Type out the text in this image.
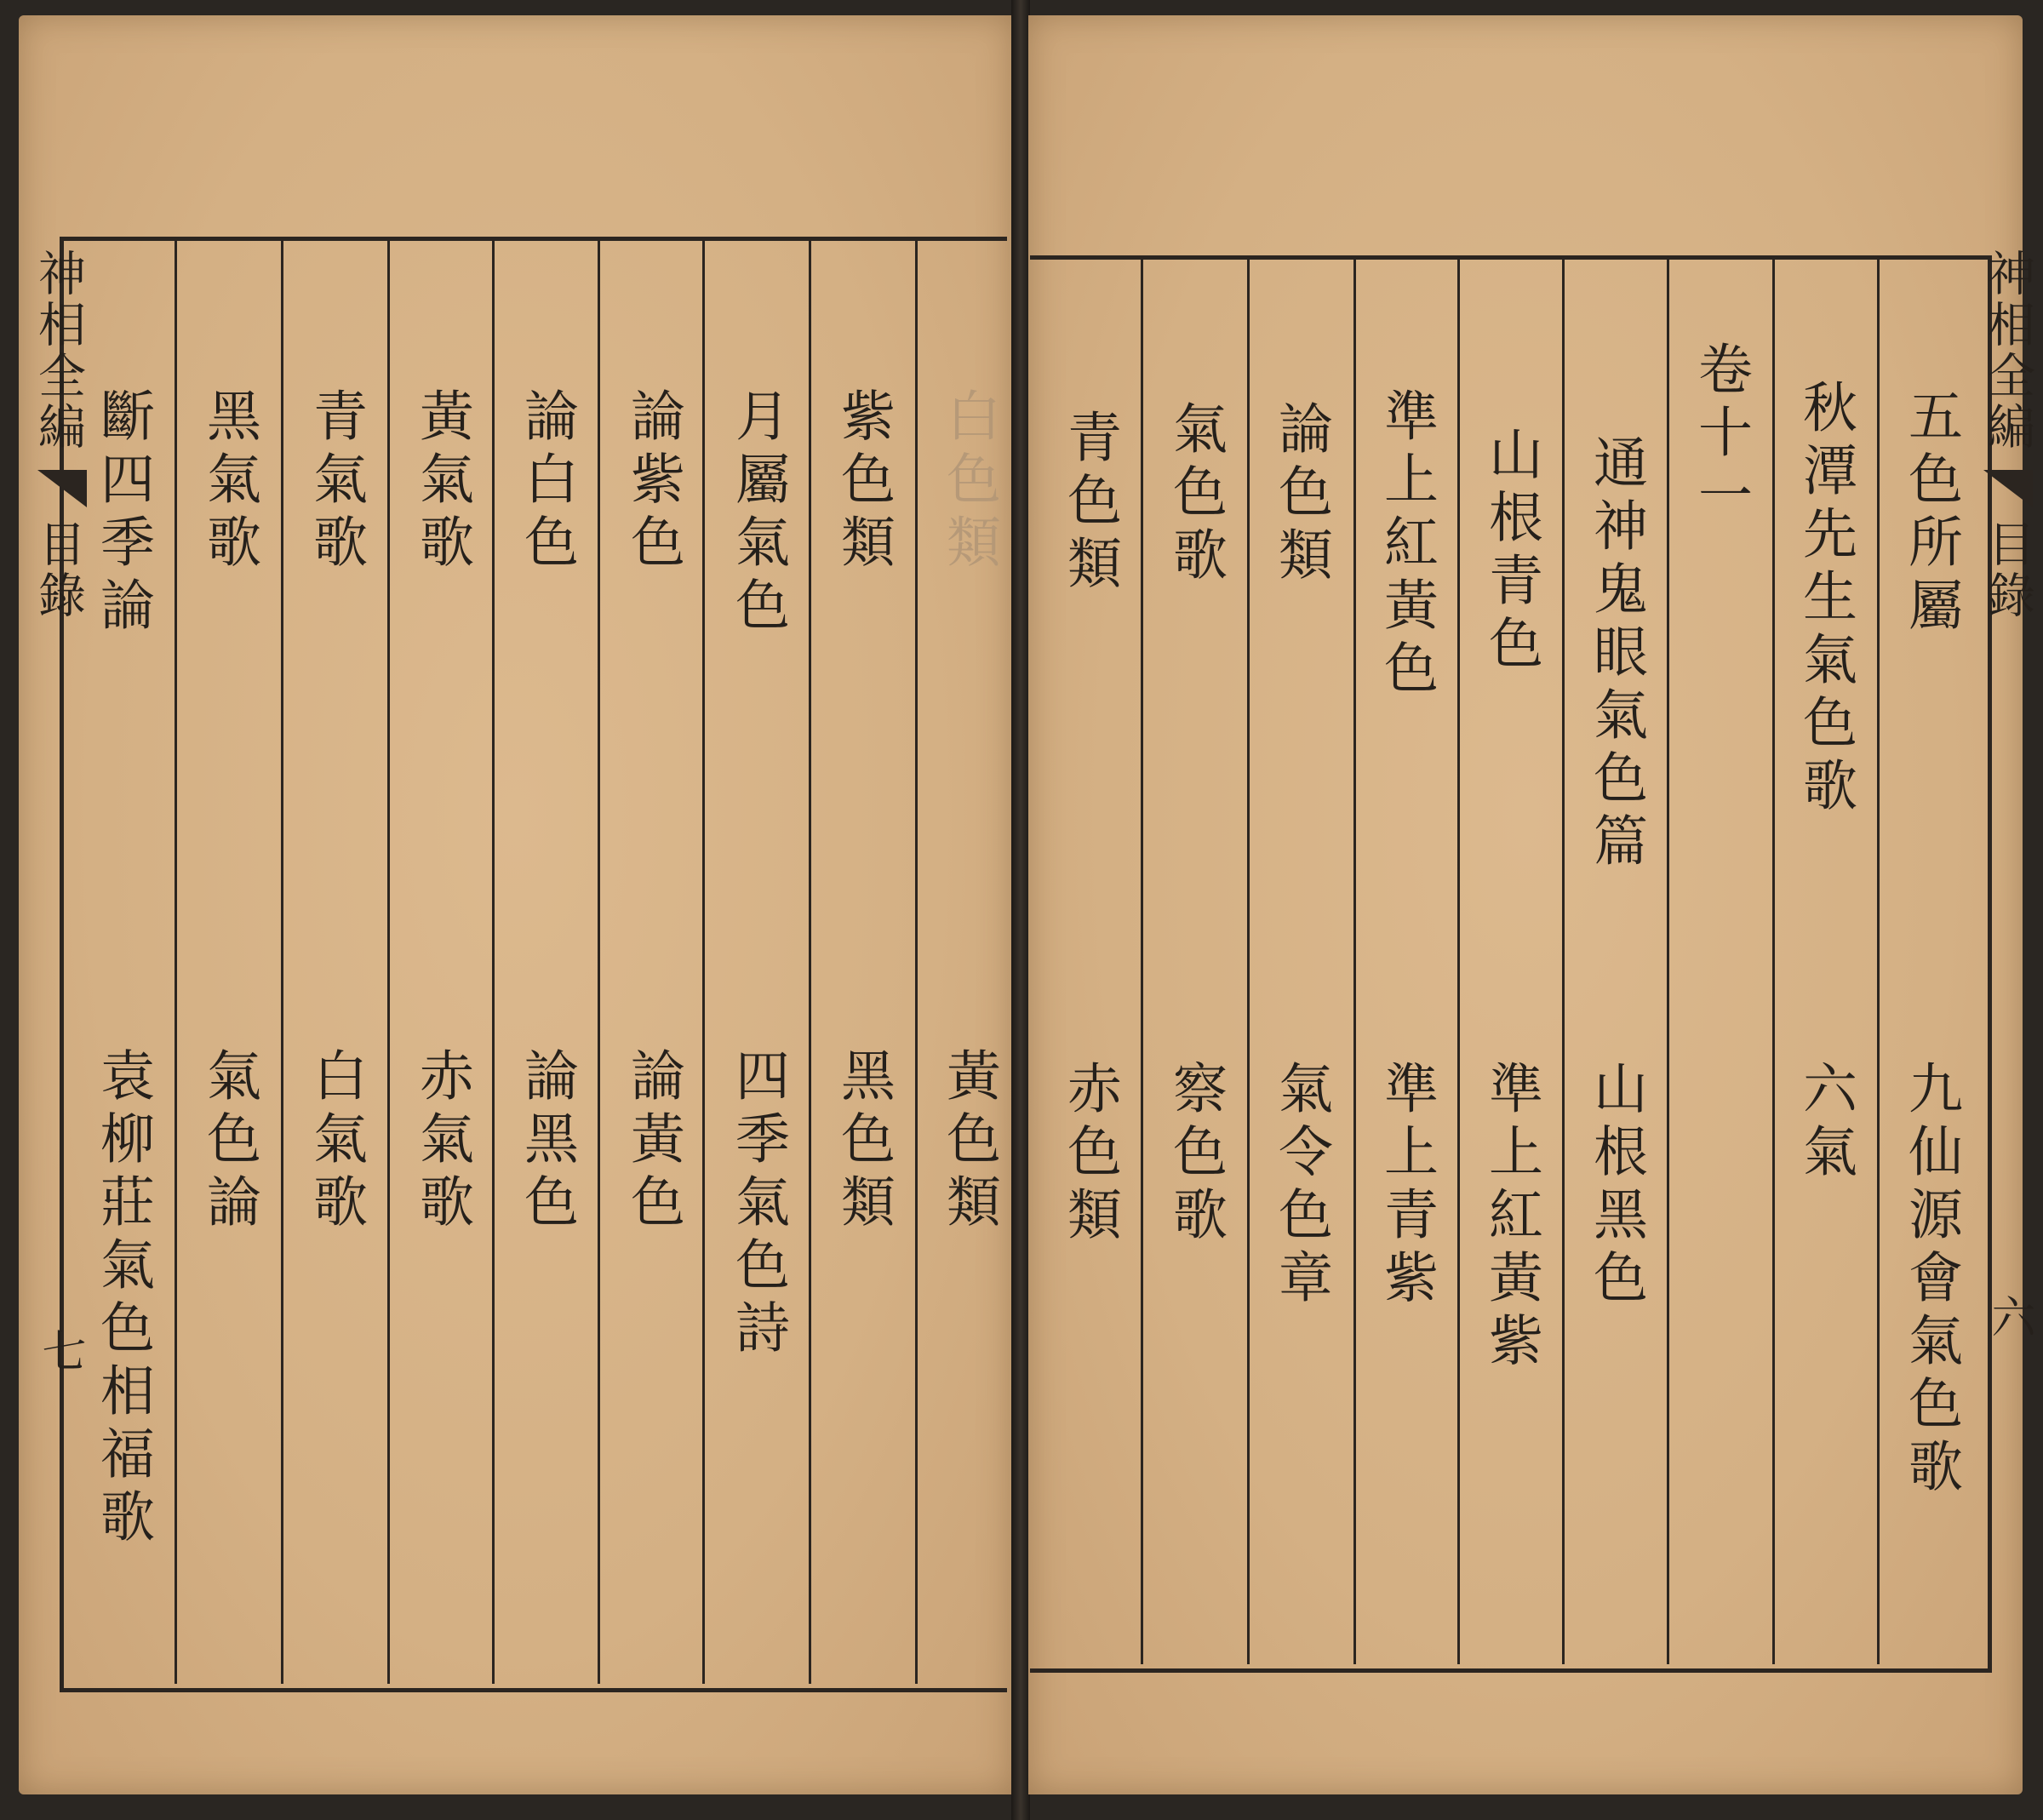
神相全編
目錄
七
神相全編
目錄
六
白色類
紫色類
月屬氣色
論紫色
論白色
黃氣歌
青氣歌
黑氣歌
斷四季論
黃色類
黑色類
四季氣色詩
論黃色
論黑色
赤氣歌
白氣歌
氣色論
袁柳莊氣色相福歌
五色所屬
秋潭先生氣色歌
卷十一
通神鬼眼氣色篇
山根青色
準上紅黃色
論色類
氣色歌
青色類
九仙源會氣色歌
六氣
山根黑色
準上紅黃紫
準上青紫
氣令色章
察色歌
赤色類
